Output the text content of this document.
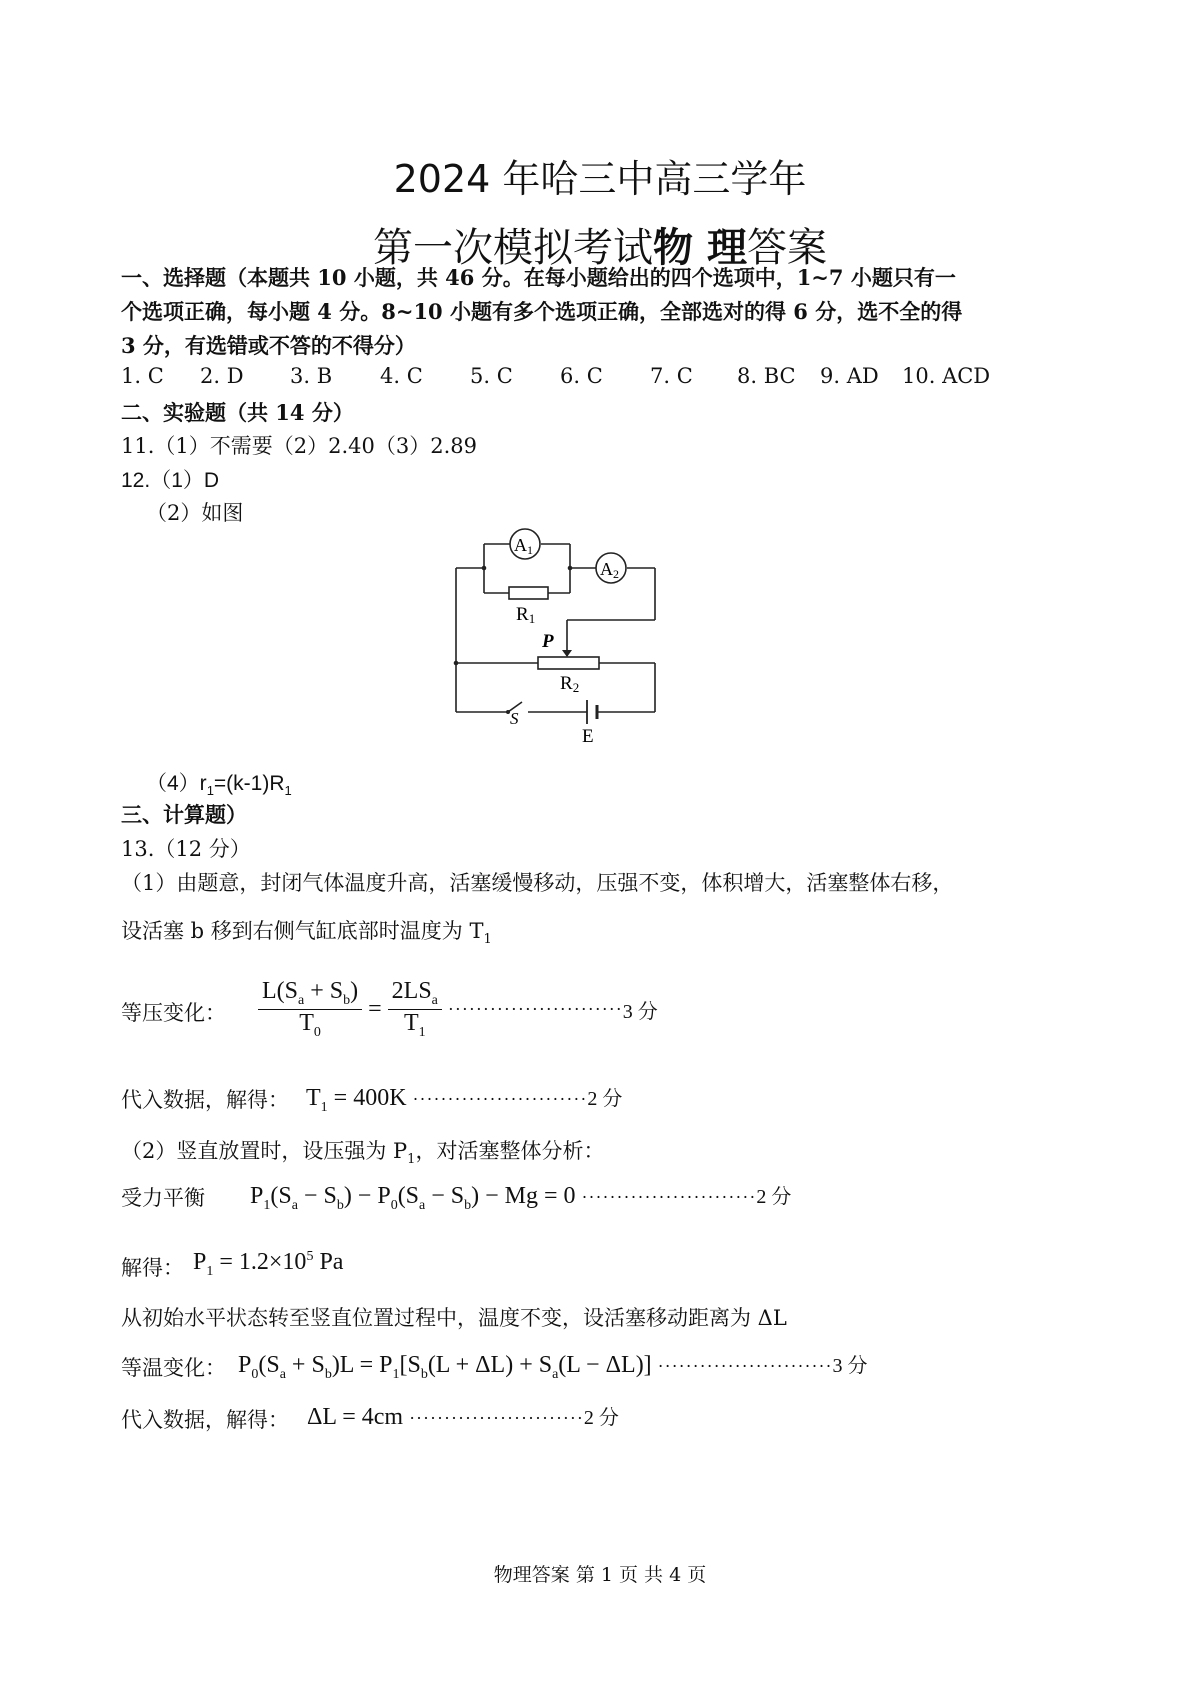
2024 年哈三中高三学年
第一次模拟考试物 理答案
一、选择题（本题共 10 小题，共 46 分。在每小题给出的四个选项中，1~7 小题只有一
个选项正确，每小题 4 分。8~10 小题有多个选项正确，全部选对的得 6 分，选不全的得
3 分，有选错或不答的不得分）
1. C 2. D 3. B 4. C 5. C 6. C 7. C 8. BC 9. AD 10. ACD
二、实验题（共 14 分）
11.（1）不需要（2）2.40（3）2.89
12.（1）D
（2）如图
A1
A2
R1
P
R2
S
E
$(4)r_1=(k-1)R_1$
三、计算题）
13.（12 分）
（1）由题意，封闭气体温度升高，活塞缓慢移动，压强不变，体积增大，活塞整体右移，
设活塞 b 移到右侧气缸底部时温度为 $T_1$
等压变化： $\frac{L(S_a + S_b)}{T_0} = \frac{2LS_a}{T_1} \cdot\cdot\cdot\cdot\cdot\cdot\cdot\cdot\cdot\cdot\cdot\cdot\cdot\cdot\cdot\cdot\cdot\cdot\cdot\cdot\cdot\cdot\cdot\cdot\cdot 3$ 分
代入数据，解得： $T_1 = 400K \cdot\cdot\cdot\cdot\cdot\cdot\cdot\cdot\cdot\cdot\cdot\cdot\cdot\cdot\cdot\cdot\cdot\cdot\cdot\cdot\cdot\cdot\cdot\cdot\cdot 2$ 分
（2）竖直放置时，设压强为 $P_1$，对活塞整体分析：
受力平衡 $P_1(S_a - S_b) - P_0(S_a - S_b) - Mg = 0 \cdot\cdot\cdot\cdot\cdot\cdot\cdot\cdot\cdot\cdot\cdot\cdot\cdot\cdot\cdot\cdot\cdot\cdot\cdot\cdot\cdot\cdot\cdot\cdot\cdot 2$ 分
解得： $P_1 = 1.2\times 10^5$ Pa
从初始水平状态转至竖直位置过程中，温度不变，设活塞移动距离为 ΔL
等温变化： $P_0(S_a + S_b)L = P_1[S_b(L + \Delta L) + S_a(L - \Delta L)] \cdot\cdot\cdot\cdot\cdot\cdot\cdot\cdot\cdot\cdot\cdot\cdot\cdot\cdot\cdot\cdot\cdot\cdot\cdot\cdot\cdot\cdot\cdot\cdot\cdot 3$ 分
代入数据，解得： ΔL = 4cm ·························2 分
物理答案 第 1 页 共 4 页
